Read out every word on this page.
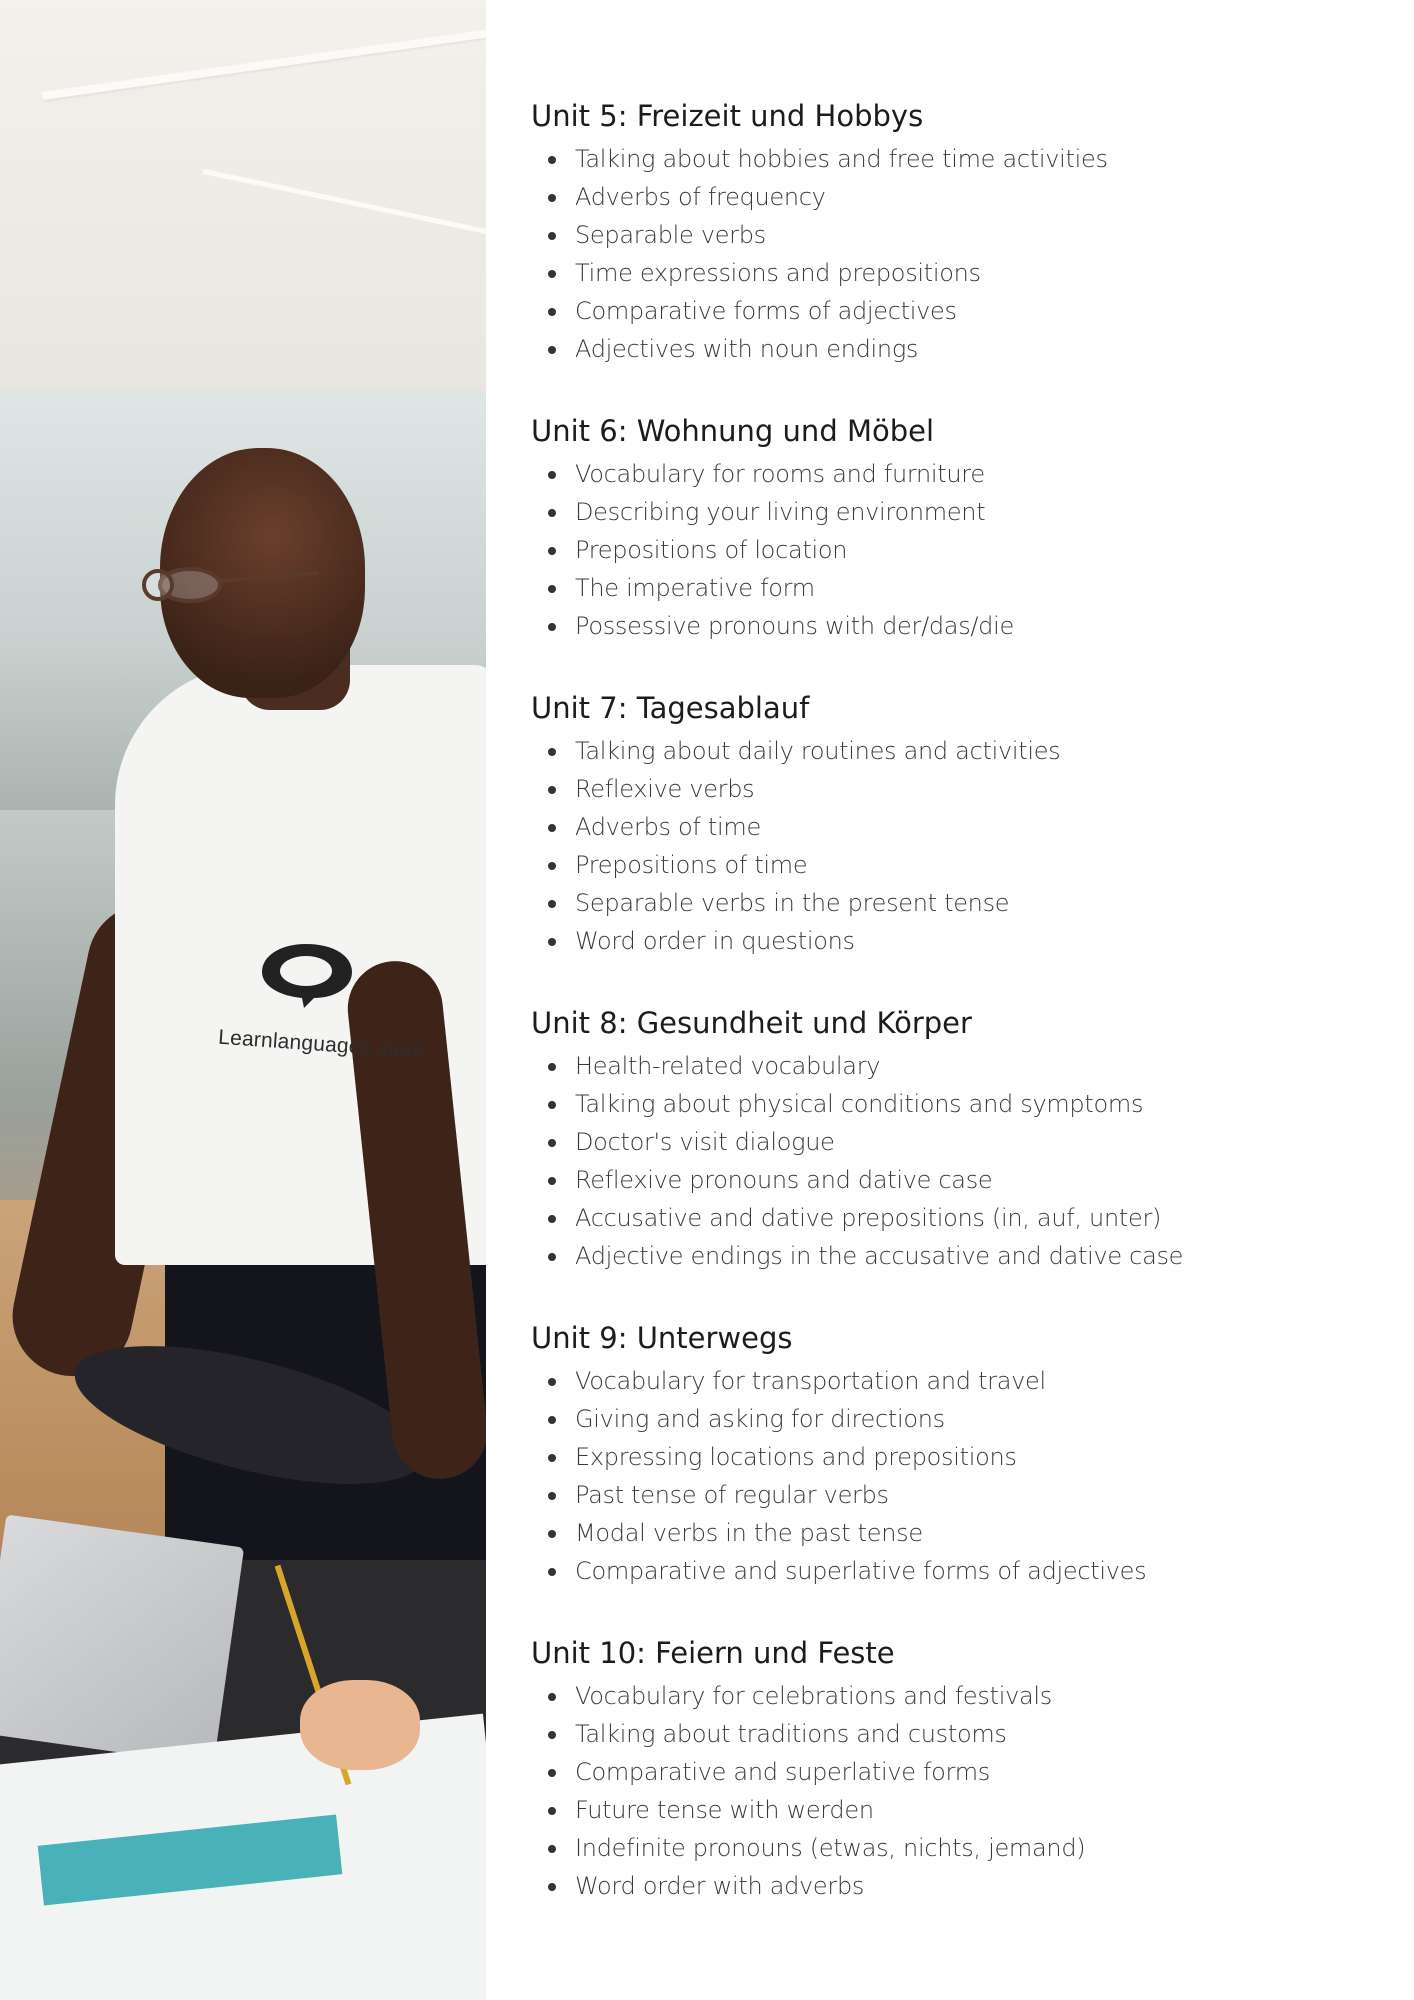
Learnlanguages.store
Unit 5: Freizeit und Hobbys
Talking about hobbies and free time activities
Adverbs of frequency
Separable verbs
Time expressions and prepositions
Comparative forms of adjectives
Adjectives with noun endings
Unit 6: Wohnung und Möbel
Vocabulary for rooms and furniture
Describing your living environment
Prepositions of location
The imperative form
Possessive pronouns with der/das/die
Unit 7: Tagesablauf
Talking about daily routines and activities
Reflexive verbs
Adverbs of time
Prepositions of time
Separable verbs in the present tense
Word order in questions
Unit 8: Gesundheit und Körper
Health-related vocabulary
Talking about physical conditions and symptoms
Doctor's visit dialogue
Reflexive pronouns and dative case
Accusative and dative prepositions (in, auf, unter)
Adjective endings in the accusative and dative case
Unit 9: Unterwegs
Vocabulary for transportation and travel
Giving and asking for directions
Expressing locations and prepositions
Past tense of regular verbs
Modal verbs in the past tense
Comparative and superlative forms of adjectives
Unit 10: Feiern und Feste
Vocabulary for celebrations and festivals
Talking about traditions and customs
Comparative and superlative forms
Future tense with werden
Indefinite pronouns (etwas, nichts, jemand)
Word order with adverbs
